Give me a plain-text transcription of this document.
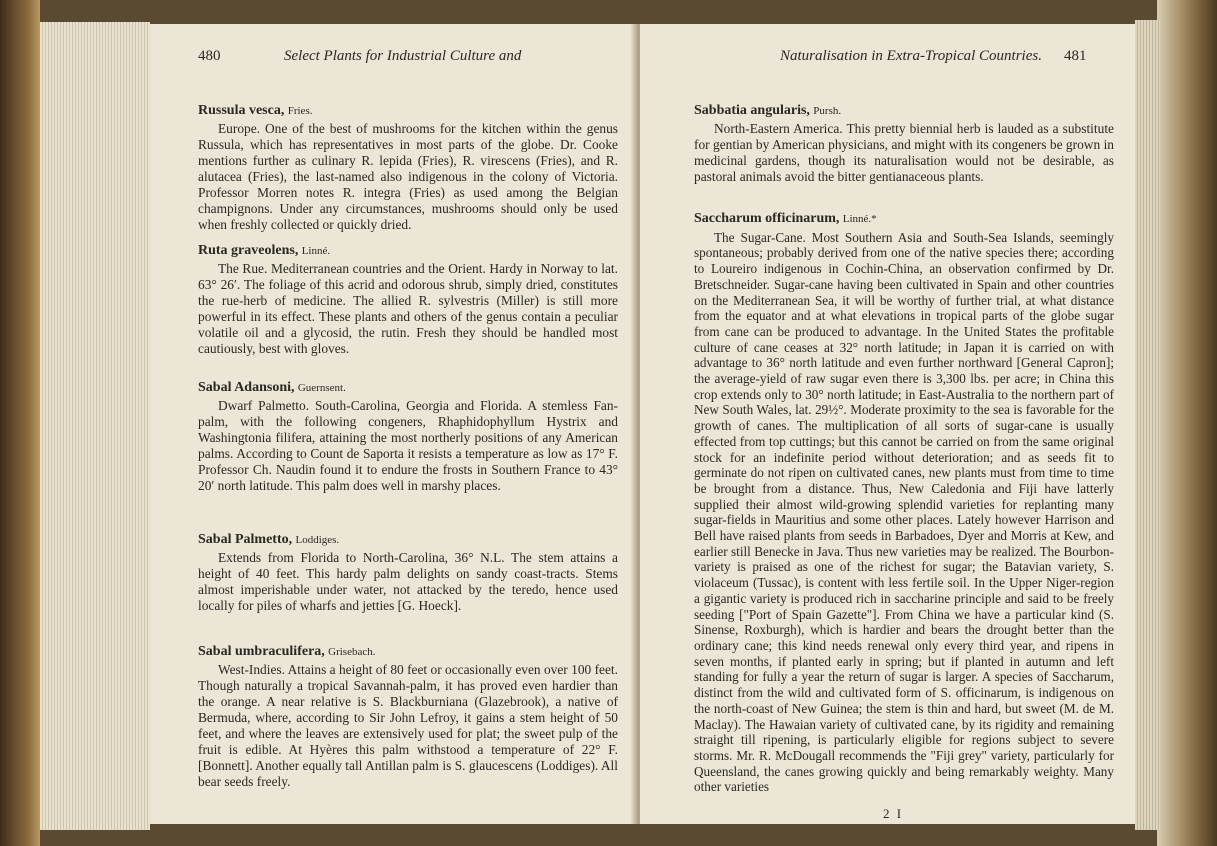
480	Select Plants for Industrial Culture and
Russula vesca, Fries.

Europe. One of the best of mushrooms for the kitchen within the genus Russula, which has representatives in most parts of the globe. Dr. Cooke mentions further as culinary R. lepida (Fries), R. virescens (Fries), and R. alutacea (Fries), the last-named also indigenous in the colony of Victoria. Professor Morren notes R. integra (Fries) as used among the Belgian champignons. Under any circumstances, mushrooms should only be used when freshly collected or quickly dried.

Ruta graveolens, Linné.

The Rue. Mediterranean countries and the Orient. Hardy in Norway to lat. 63° 26′. The foliage of this acrid and odorous shrub, simply dried, constitutes the rue-herb of medicine. The allied R. sylvestris (Miller) is still more powerful in its effect. These plants and others of the genus contain a peculiar volatile oil and a glycosid, the rutin. Fresh they should be handled most cautiously, best with gloves.

Sabal Adansoni, Guernsent.

Dwarf Palmetto. South-Carolina, Georgia and Florida. A stemless Fan-palm, with the following congeners, Rhaphidophyllum Hystrix and Washingtonia filifera, attaining the most northerly positions of any American palms. According to Count de Saporta it resists a temperature as low as 17° F. Professor Ch. Naudin found it to endure the frosts in Southern France to 43° 20′ north latitude. This palm does well in marshy places.

Sabal Palmetto, Loddiges.

Extends from Florida to North-Carolina, 36° N.L. The stem attains a height of 40 feet. This hardy palm delights on sandy coast-tracts. Stems almost imperishable under water, not attacked by the teredo, hence used locally for piles of wharfs and jetties [G. Hoeck].

Sabal umbraculifera, Grisebach.

West-Indies. Attains a height of 80 feet or occasionally even over 100 feet. Though naturally a tropical Savannah-palm, it has proved even hardier than the orange. A near relative is S. Blackburniana (Glazebrook), a native of Bermuda, where, according to Sir John Lefroy, it gains a stem height of 50 feet, and where the leaves are extensively used for plat; the sweet pulp of the fruit is edible. At Hyères this palm withstood a temperature of 22° F. [Bonnett]. Another equally tall Antillan palm is S. glaucescens (Loddiges). All bear seeds freely.

Naturalisation in Extra-Tropical Countries. 481
Sabbatia angularis, Pursh.

North-Eastern America. This pretty biennial herb is lauded as a substitute for gentian by American physicians, and might with its congeners be grown in medicinal gardens, though its naturalisation would not be desirable, as pastoral animals avoid the bitter gentianaceous plants.

Saccharum officinarum, Linné.*

The Sugar-Cane. Most Southern Asia and South-Sea Islands, seemingly spontaneous; probably derived from one of the native species there; according to Loureiro indigenous in Cochin-China, an observation confirmed by Dr. Bretschneider. Sugar-cane having been cultivated in Spain and other countries on the Mediterranean Sea, it will be worthy of further trial, at what distance from the equator and at what elevations in tropical parts of the globe sugar from cane can be produced to advantage. In the United States the profitable culture of cane ceases at 32° north latitude; in Japan it is carried on with advantage to 36° north latitude and even further northward [General Capron]; the average-yield of raw sugar even there is 3,300 lbs. per acre; in China this crop extends only to 30° north latitude; in East-Australia to the northern part of New South Wales, lat. 29½°. Moderate proximity to the sea is favorable for the growth of canes. The multiplication of all sorts of sugar-cane is usually effected from top cuttings; but this cannot be carried on from the same original stock for an indefinite period without deterioration; and as seeds fit to germinate do not ripen on cultivated canes, new plants must from time to time be brought from a distance. Thus, New Caledonia and Fiji have latterly supplied their almost wild-growing splendid varieties for replanting many sugar-fields in Mauritius and some other places. Lately however Harrison and Bell have raised plants from seeds in Barbadoes, Dyer and Morris at Kew, and earlier still Benecke in Java. Thus new varieties may be realized. The Bourbon-variety is praised as one of the richest for sugar; the Batavian variety, S. violaceum (Tussac), is content with less fertile soil. In the Upper Niger-region a gigantic variety is produced rich in saccharine principle and said to be freely seeding ["Port of Spain Gazette"]. From China we have a particular kind (S. Sinense, Roxburgh), which is hardier and bears the drought better than the ordinary cane; this kind needs renewal only every third year, and ripens in seven months, if planted early in spring; but if planted in autumn and left standing for fully a year the return of sugar is larger. A species of Saccharum, distinct from the wild and cultivated form of S. officinarum, is indigenous on the north-coast of New Guinea; the stem is thin and hard, but sweet (M. de M. Maclay). The Hawaian variety of cultivated cane, by its rigidity and remaining straight till ripening, is particularly eligible for regions subject to severe storms. Mr. R. McDougall recommends the "Fiji grey" variety, particularly for Queensland, the canes growing quickly and being remarkably weighty. Many other varieties

2 I
